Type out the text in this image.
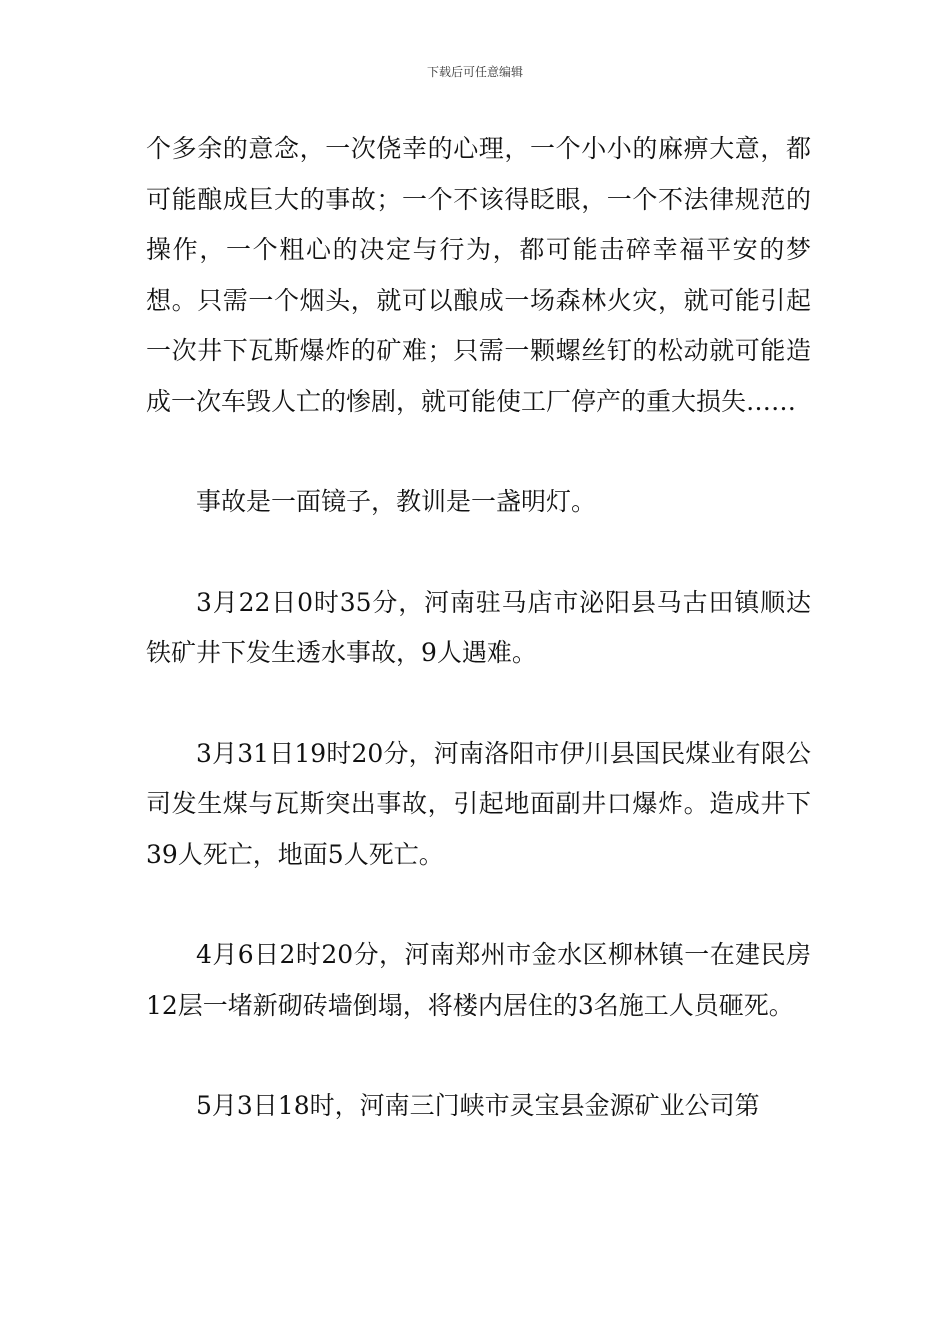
下载后可任意编辑

个多余的意念，一次侥幸的心理，一个小小的麻痹大意，都可能酿成巨大的事故；一个不该得眨眼，一个不法律规范的操作，一个粗心的决定与行为，都可能击碎幸福平安的梦想。只需一个烟头，就可以酿成一场森林火灾，就可能引起一次井下瓦斯爆炸的矿难；只需一颗螺丝钉的松动就可能造成一次车毁人亡的惨剧，就可能使工厂停产的重大损失……

事故是一面镜子，教训是一盏明灯。

3月22日0时35分，河南驻马店市泌阳县马古田镇顺达铁矿井下发生透水事故，9人遇难。

3月31日19时20分，河南洛阳市伊川县国民煤业有限公司发生煤与瓦斯突出事故，引起地面副井口爆炸。造成井下39人死亡，地面5人死亡。

4月6日2时20分，河南郑州市金水区柳林镇一在建民房12层一堵新砌砖墙倒塌，将楼内居住的3名施工人员砸死。

5月3日18时，河南三门峡市灵宝县金源矿业公司第
